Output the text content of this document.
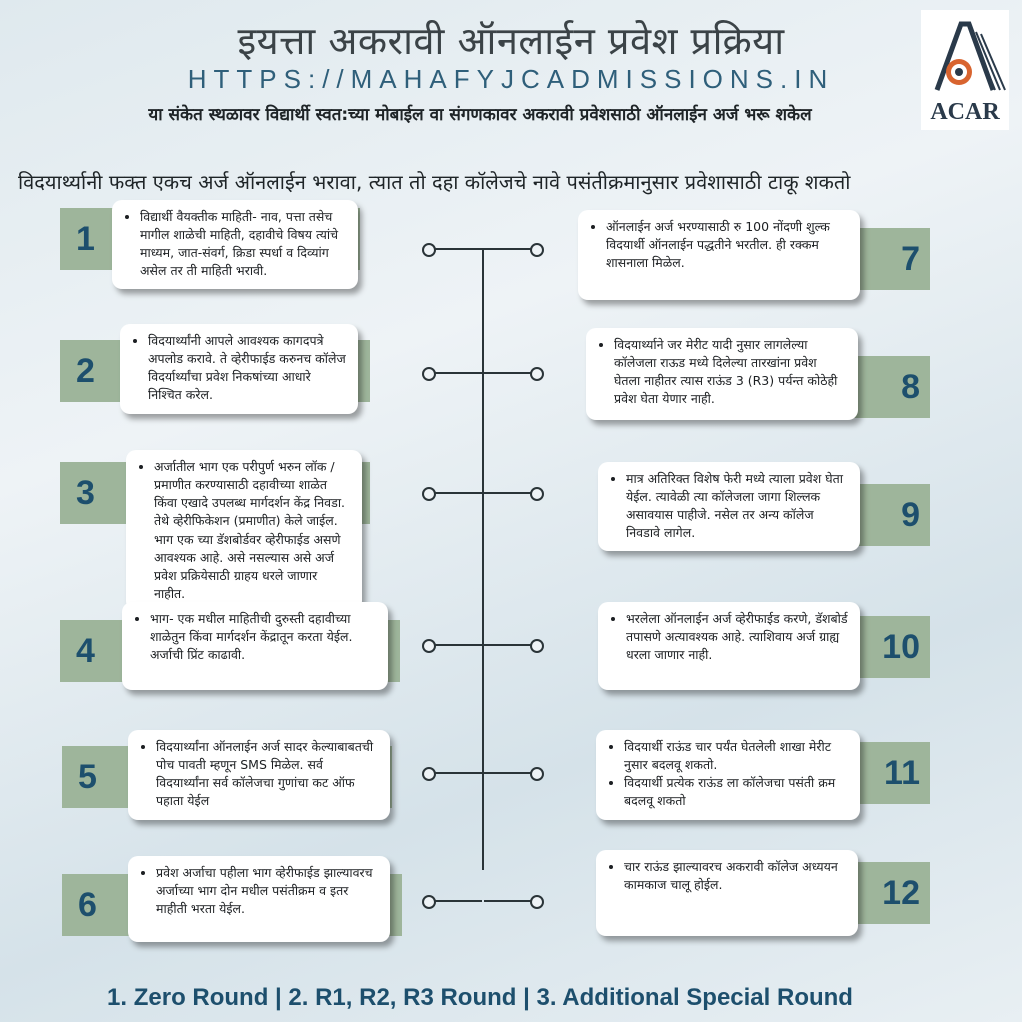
इयत्ता अकरावी ऑनलाईन प्रवेश प्रक्रिया
HTTPS://MAHAFYJCADMISSIONS.IN
या संकेत स्थळावर विद्यार्थी स्वत:च्या मोबाईल वा संगणकावर अकरावी प्रवेशसाठी ऑनलाईन अर्ज भरू शकेल	ACAR
विदयार्थ्यानी फक्त एकच अर्ज ऑनलाईन भरावा, त्यात तो दहा कॉलेजचे नावे पसंतीक्रमानुसार प्रवेशासाठी टाकू शकतो
1
• विद्यार्थी वैयक्तीक माहिती- नाव, पत्ता तसेच मागील शाळेची माहिती, दहावीचे विषय त्यांचे माध्यम, जात-संवर्ग, क्रिडा स्पर्धा व दिव्यांग असेल तर ती माहिती भरावी.
2
• विदयार्थ्यांनी आपले आवश्यक कागदपत्रे अपलोड करावे. ते व्हेरीफाईड करुनच कॉलेज विदर्यार्थ्यांचा प्रवेश निकषांच्या आधारे निश्चित करेल.
3
• अर्जातील भाग एक परीपुर्ण भरुन लॉक / प्रमाणीत करण्यासाठी दहावीच्या शाळेत किंवा एखादे उपलब्ध मार्गदर्शन केंद्र निवडा. तेथे व्हेरीफिकेशन (प्रमाणीत) केले जाईल. भाग एक च्या डॅशबोर्डवर व्हेरीफाईड असणे आवश्यक आहे. असे नसल्यास असे अर्ज प्रवेश प्रक्रियेसाठी ग्राहय धरले जाणार नाहीत.
4
• भाग- एक मधील माहितीची दुरुस्ती दहावीच्या शाळेतुन किंवा मार्गदर्शन केंद्रातून करता येईल. अर्जाची प्रिंट काढावी.
5
• विदयार्थ्यांना ऑनलाईन अर्ज सादर केल्याबाबतची पोच पावती म्हणून SMS मिळेल. सर्व विदयार्थ्यांना सर्व कॉलेजचा गुणांचा कट ऑफ पहाता येईल
6
• प्रवेश अर्जाचा पहीला भाग व्हेरीफाईड झाल्यावरच अर्जाच्या भाग दोन मधील पसंतीक्रम व इतर माहीती भरता येईल.
7
• ऑनलाईन अर्ज भरण्यासाठी रु 100 नोंदणी शुल्क विदयार्थी ऑनलाईन पद्धतीने भरतील. ही रक्कम शासनाला मिळेल.
8
• विदयार्थ्याने जर मेरीट यादी नुसार लागलेल्या कॉलेजला राऊड मध्ये दिलेल्या तारखांना प्रवेश घेतला नाहीतर त्यास राऊंड 3 (R3) पर्यन्त कोठेही प्रवेश घेता येणार नाही.
9
• मात्र अतिरिक्त विशेष फेरी मध्ये त्याला प्रवेश घेता येईल. त्यावेळी त्या कॉलेजला जागा शिल्लक असावयास पाहीजे. नसेल तर अन्य कॉलेज निवडावे लागेल.
10
• भरलेला ऑनलाईन अर्ज व्हेरीफाईड करणे, डॅशबोर्ड तपासणे अत्यावश्यक आहे. त्याशिवाय अर्ज ग्राह्य धरला जाणार नाही.
11
• विदयार्थी राऊंड चार पर्यंत घेतलेली शाखा मेरीट नुसार बदलवू शकतो.
• विदयार्थी प्रत्येक राऊंड ला कॉलेजचा पसंती क्रम बदलवू शकतो
12
• चार राऊंड झाल्यावरच अकरावी कॉलेज अध्ययन कामकाज चालू होईल.
1. Zero Round | 2. R1, R2, R3 Round | 3. Additional Special Round
